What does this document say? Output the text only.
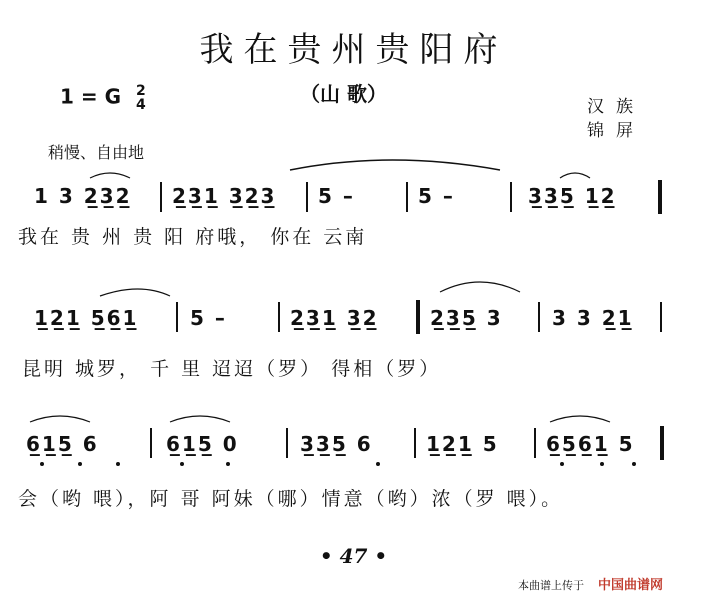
我在贵州贵阳府
1 = G 2
4	（山 歌）
汉族
锦屏
稍慢、自由地
1 3 2̲3̲2̲ 2̲3̲1̲ 3̲2̲3̲ 5 –	5 –	3̲3̲5̲ 1̲2̲
我在 贵 州 贵 阳 府哦， 你在 云南
1̲2̲1̲ 5̲6̲1̲	5 –	2̲3̲1̲ 3̲2̲	2̲3̲5̲ 3 3 3 2̲1̲
昆明 城罗， 千 里 迢迢（罗） 得相（罗）
6̲1̲5̲ 6	6̲1̲5̲ 0	3̲3̲5̲ 6	1̲2̲1̲ 5 6̲5̲6̲1̲ 5
会（哟 喂），阿 哥 阿妹（哪）情意（哟）浓（罗 喂）。
• 47 •
本曲谱上传于 中国曲谱网
